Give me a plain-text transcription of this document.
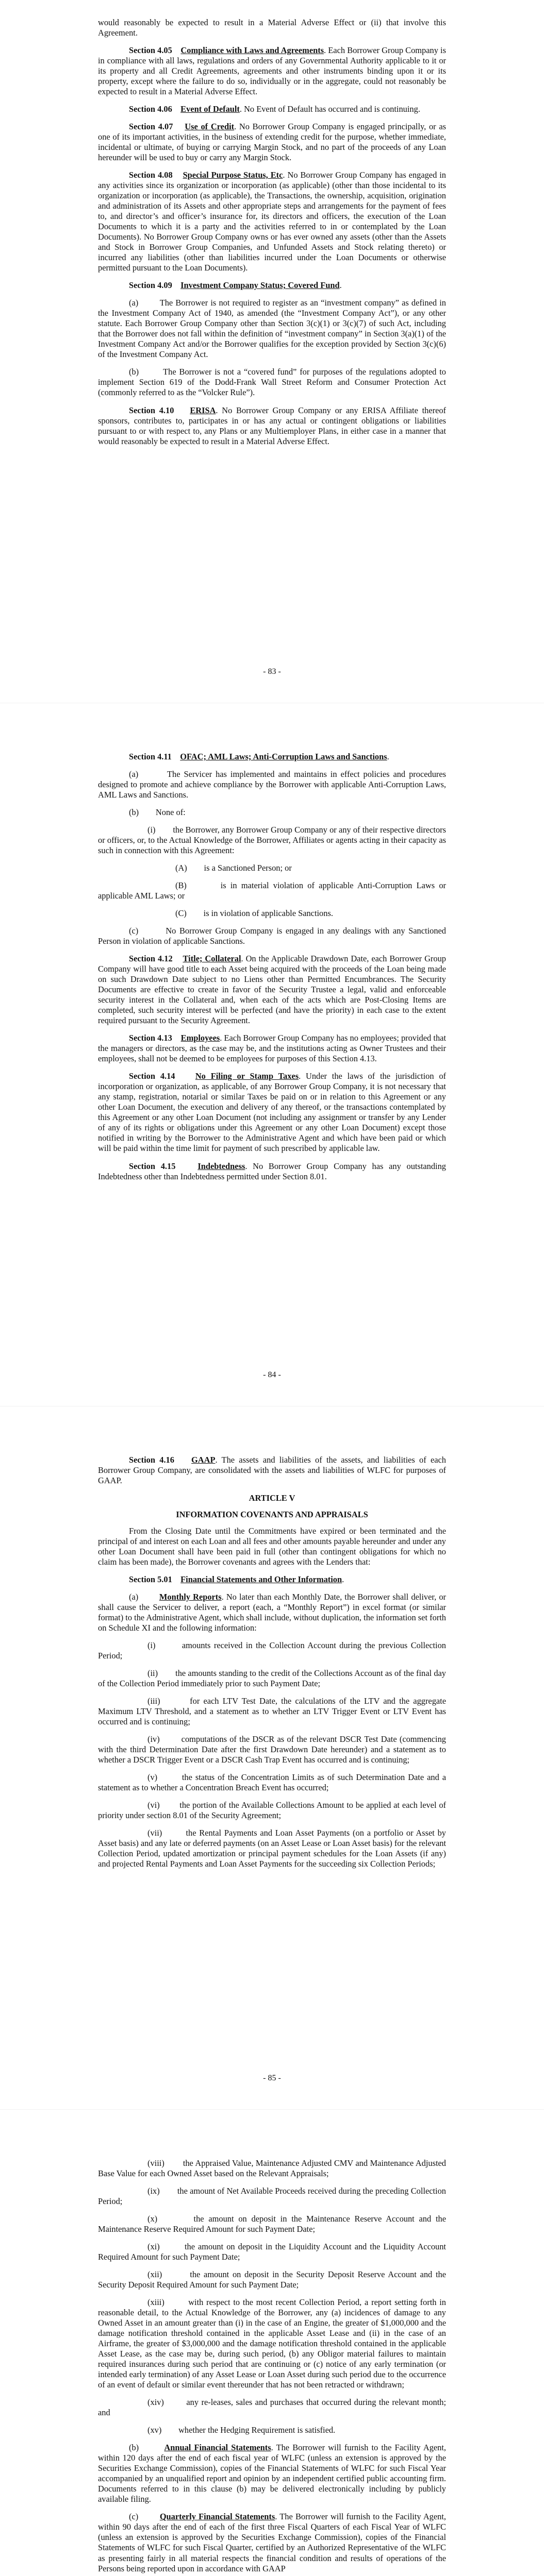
would reasonably be expected to result in a Material Adverse Effect or (ii) that involve this Agreement.

Section 4.05 Compliance with Laws and Agreements. Each Borrower Group Company is in compliance with all laws, regulations and orders of any Governmental Authority applicable to it or its property and all Credit Agreements, agreements and other instruments binding upon it or its property, except where the failure to do so, individually or in the aggregate, could not reasonably be expected to result in a Material Adverse Effect.

Section 4.06 Event of Default. No Event of Default has occurred and is continuing.

Section 4.07 Use of Credit. No Borrower Group Company is engaged principally, or as one of its important activities, in the business of extending credit for the purpose, whether immediate, incidental or ultimate, of buying or carrying Margin Stock, and no part of the proceeds of any Loan hereunder will be used to buy or carry any Margin Stock.

Section 4.08 Special Purpose Status, Etc. No Borrower Group Company has engaged in any activities since its organization or incorporation (as applicable) (other than those incidental to its organization or incorporation (as applicable), the Transactions, the ownership, acquisition, origination and administration of its Assets and other appropriate steps and arrangements for the payment of fees to, and director’s and officer’s insurance for, its directors and officers, the execution of the Loan Documents to which it is a party and the activities referred to in or contemplated by the Loan Documents). No Borrower Group Company owns or has ever owned any assets (other than the Assets and Stock in Borrower Group Companies, and Unfunded Assets and Stock relating thereto) or incurred any liabilities (other than liabilities incurred under the Loan Documents or otherwise permitted pursuant to the Loan Documents).

Section 4.09 Investment Company Status; Covered Fund.

(a)	The Borrower is not required to register as an “investment company” as defined in the Investment Company Act of 1940, as amended (the “Investment Company Act”), or any other statute. Each Borrower Group Company other than Section 3(c)(1) or 3(c)(7) of such Act, including that the Borrower does not fall within the definition of “investment company” in Section 3(a)(1) of the Investment Company Act and/or the Borrower qualifies for the exception provided by Section 3(c)(6) of the Investment Company Act.

(b)	The Borrower is not a “covered fund” for purposes of the regulations adopted to implement Section 619 of the Dodd-Frank Wall Street Reform and Consumer Protection Act (commonly referred to as the “Volcker Rule”).

Section 4.10 ERISA. No Borrower Group Company or any ERISA Affiliate thereof sponsors, contributes to, participates in or has any actual or contingent obligations or liabilities pursuant to or with respect to, any Plans or any Multiemployer Plans, in either case in a manner that would reasonably be expected to result in a Material Adverse Effect.

- 83 -

Section 4.11 OFAC; AML Laws; Anti-Corruption Laws and Sanctions.

(a)	The Servicer has implemented and maintains in effect policies and procedures designed to promote and achieve compliance by the Borrower with applicable Anti-Corruption Laws, AML Laws and Sanctions.

(b) None of:

(i) the Borrower, any Borrower Group Company or any of their respective directors or officers, or, to the Actual Knowledge of the Borrower, Affiliates or agents acting in their capacity as such in connection with this Agreement:

(A) is a Sanctioned Person; or

(B)	is in material violation of applicable Anti-Corruption Laws or applicable AML Laws; or

(C) is in violation of applicable Sanctions.

(c)	No Borrower Group Company is engaged in any dealings with any Sanctioned Person in violation of applicable Sanctions.

Section 4.12 Title; Collateral. On the Applicable Drawdown Date, each Borrower Group Company will have good title to each Asset being acquired with the proceeds of the Loan being made on such Drawdown Date subject to no Liens other than Permitted Encumbrances. The Security Documents are effective to create in favor of the Security Trustee a legal, valid and enforceable security interest in the Collateral and, when each of the acts which are Post-Closing Items are completed, such security interest will be perfected (and have the priority) in each case to the extent required pursuant to the Security Agreement.

Section 4.13 Employees. Each Borrower Group Company has no employees; provided that the managers or directors, as the case may be, and the institutions acting as Owner Trustees and their employees, shall not be deemed to be employees for purposes of this Section 4.13.

Section 4.14 No Filing or Stamp Taxes. Under the laws of the jurisdiction of incorporation or organization, as applicable, of any Borrower Group Company, it is not necessary that any stamp, registration, notarial or similar Taxes be paid on or in relation to this Agreement or any other Loan Document, the execution and delivery of any thereof, or the transactions contemplated by this Agreement or any other Loan Document (not including any assignment or transfer by any Lender of any of its rights or obligations under this Agreement or any other Loan Document) except those notified in writing by the Borrower to the Administrative Agent and which have been paid or which will be paid within the time limit for payment of such prescribed by applicable law.

Section 4.15	Indebtedness. No Borrower Group Company has any outstanding Indebtedness other than Indebtedness permitted under Section 8.01.

- 84 -

Section 4.16 GAAP. The assets and liabilities of the assets, and liabilities of each Borrower Group Company, are consolidated with the assets and liabilities of WLFC for purposes of GAAP.

ARTICLE V

INFORMATION COVENANTS AND APPRAISALS

From the Closing Date until the Commitments have expired or been terminated and the principal of and interest on each Loan and all fees and other amounts payable hereunder and under any other Loan Document shall have been paid in full (other than contingent obligations for which no claim has been made), the Borrower covenants and agrees with the Lenders that:

Section 5.01 Financial Statements and Other Information.

(a) Monthly Reports. No later than each Monthly Date, the Borrower shall deliver, or shall cause the Servicer to deliver, a report (each, a “Monthly Report”) in excel format (or similar format) to the Administrative Agent, which shall include, without duplication, the information set forth on Schedule XI and the following information:

(i)	amounts received in the Collection Account during the previous Collection Period;

(ii) the amounts standing to the credit of the Collections Account as of the final day of the Collection Period immediately prior to such Payment Date;

(iii)	for each LTV Test Date, the calculations of the LTV and the aggregate Maximum LTV Threshold, and a statement as to whether an LTV Trigger Event or LTV Event has occurred and is continuing;

(iv)	computations of the DSCR as of the relevant DSCR Test Date (commencing with the third Determination Date after the first Drawdown Date hereunder) and a statement as to whether a DSCR Trigger Event or a DSCR Cash Trap Event has occurred and is continuing;

(v)	the status of the Concentration Limits as of such Determination Date and a statement as to whether a Concentration Breach Event has occurred;

(vi) the portion of the Available Collections Amount to be applied at each level of priority under section 8.01 of the Security Agreement;

(vii)	the Rental Payments and Loan Asset Payments (on a portfolio or Asset by Asset basis) and any late or deferred payments (on an Asset Lease or Loan Asset basis) for the relevant Collection Period, updated amortization or principal payment schedules for the Loan Assets (if any) and projected Rental Payments and Loan Asset Payments for the succeeding six Collection Periods;

- 85 -

(viii) the Appraised Value, Maintenance Adjusted CMV and Maintenance Adjusted Base Value for each Owned Asset based on the Relevant Appraisals;

(ix) the amount of Net Available Proceeds received during the preceding Collection Period;

(x)	the amount on deposit in the Maintenance Reserve Account and the Maintenance Reserve Required Amount for such Payment Date;

(xi)	the amount on deposit in the Liquidity Account and the Liquidity Account Required Amount for such Payment Date;

(xii)	the amount on deposit in the Security Deposit Reserve Account and the Security Deposit Required Amount for such Payment Date;

(xiii)	with respect to the most recent Collection Period, a report setting forth in reasonable detail, to the Actual Knowledge of the Borrower, any (a) incidences of damage to any Owned Asset in an amount greater than (i) in the case of an Engine, the greater of $1,000,000 and the damage notification threshold contained in the applicable Asset Lease and (ii) in the case of an Airframe, the greater of $3,000,000 and the damage notification threshold contained in the applicable Asset Lease, as the case may be, during such period, (b) any Obligor material failures to maintain required insurances during such period that are continuing or (c) notice of any early termination (or intended early termination) of any Asset Lease or Loan Asset during such period due to the occurrence of an event of default or similar event thereunder that has not been retracted or withdrawn;

(xiv)	any re-leases, sales and purchases that occurred during the relevant month; and

(xv) whether the Hedging Requirement is satisfied.

(b)	Annual Financial Statements. The Borrower will furnish to the Facility Agent, within 120 days after the end of each fiscal year of WLFC (unless an extension is approved by the Securities Exchange Commission), copies of the Financial Statements of WLFC for such Fiscal Year accompanied by an unqualified report and opinion by an independent certified public accounting firm. Documents referred to in this clause (b) may be delivered electronically including by publicly available filing.

(c)	Quarterly Financial Statements. The Borrower will furnish to the Facility Agent, within 90 days after the end of each of the first three Fiscal Quarters of each Fiscal Year of WLFC (unless an extension is approved by the Securities Exchange Commission), copies of the Financial Statements of WLFC for such Fiscal Quarter, certified by an Authorized Representative of the WLFC as presenting fairly in all material respects the financial condition and results of operations of the Persons being reported upon in accordance with GAAP
